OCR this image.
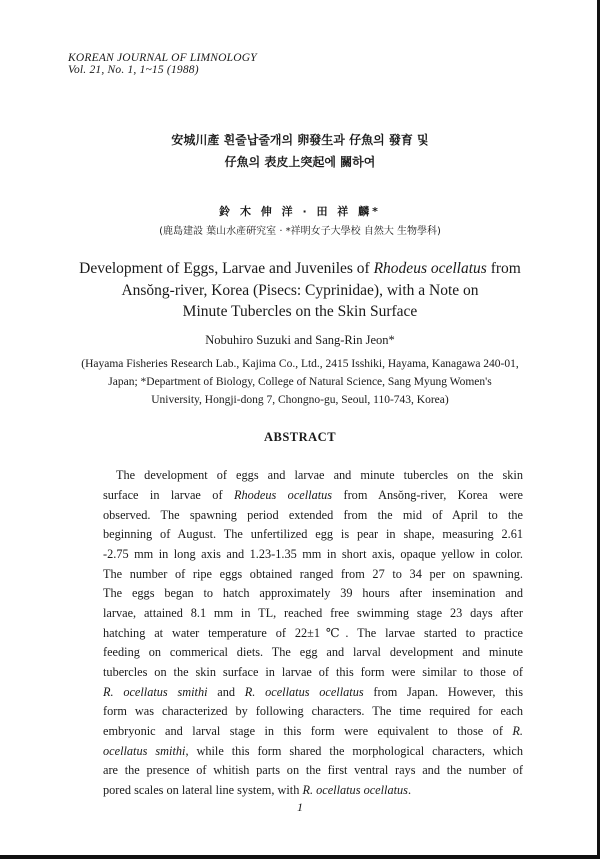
KOREAN JOURNAL OF LIMNOLOGY
Vol. 21, No. 1, 1~15 (1988)
安城川產 흰줄납줄개의 卵發生과 仔魚의 發育 및
仔魚의 表皮上突起에 關하여
鈴 木 伸 洋 · 田 祥 麟*
(鹿島建設 葉山水產硏究室 · *祥明女子大學校 自然大 生物學科)
Development of Eggs, Larvae and Juveniles of Rhodeus ocellatus from
Ansŏng-river, Korea (Pisecs: Cyprinidae), with a Note on
Minute Tubercles on the Skin Surface
Nobuhiro Suzuki and Sang-Rin Jeon*
(Hayama Fisheries Research Lab., Kajima Co., Ltd., 2415 Isshiki, Hayama, Kanagawa 240-01,
Japan; *Department of Biology, College of Natural Science, Sang Myung Women's
University, Hongji-dong 7, Chongno-gu, Seoul, 110-743, Korea)
ABSTRACT
The development of eggs and larvae and minute tubercles on the skin
surface in larvae of Rhodeus ocellatus from Ansŏng-river, Korea were
observed. The spawning period extended from the mid of April to the
beginning of August. The unfertilized egg is pear in shape, measuring 2.61
-2.75 mm in long axis and 1.23-1.35 mm in short axis, opaque yellow in color.
The number of ripe eggs obtained ranged from 27 to 34 per on spawning.
The eggs began to hatch approximately 39 hours after insemination and
larvae, attained 8.1 mm in TL, reached free swimming stage 23 days after
hatching at water temperature of 22±1℃. The larvae started to practice
feeding on commerical diets. The egg and larval development and minute
tubercles on the skin surface in larvae of this form were similar to those of
R. ocellatus smithi and R. ocellatus ocellatus from Japan. However, this
form was characterized by following characters. The time required for each
embryonic and larval stage in this form were equivalent to those of R.
ocellatus smithi, while this form shared the morphological characters, which
are the presence of whitish parts on the first ventral rays and the number of
pored scales on lateral line system, with R. ocellatus ocellatus.
1
